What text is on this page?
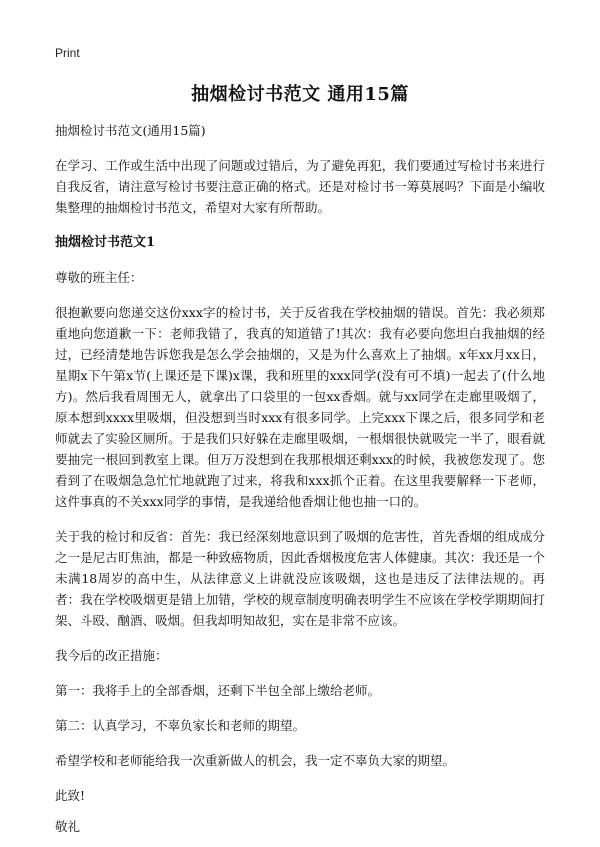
Print
抽烟检讨书范文 通用15篇

抽烟检讨书范文(通用15篇)

在学习、工作或生活中出现了问题或过错后，为了避免再犯，我们要通过写检讨书来进行自我反省，请注意写检讨书要注意正确的格式。还是对检讨书一筹莫展吗？下面是小编收集整理的抽烟检讨书范文，希望对大家有所帮助。

抽烟检讨书范文1

尊敬的班主任：

很抱歉要向您递交这份xxx字的检讨书，关于反省我在学校抽烟的错误。首先：我必须郑重地向您道歉一下：老师我错了，我真的知道错了!其次：我有必要向您坦白我抽烟的经过，已经清楚地告诉您我是怎么学会抽烟的，又是为什么喜欢上了抽烟。x年xx月xx日，星期x下午第x节(上课还是下课)x课，我和班里的xxx同学(没有可不填)一起去了(什么地方)。然后我看周围无人，就拿出了口袋里的一包xx香烟。就与xx同学在走廊里吸烟了，原本想到xxxx里吸烟，但没想到当时xxx有很多同学。上完xxx下课之后，很多同学和老师就去了实验区厕所。于是我们只好躲在走廊里吸烟，一根烟很快就吸完一半了，眼看就要抽完一根回到教室上课。但万万没想到在我那根烟还剩xxx的时候，我被您发现了。您看到了在吸烟急急忙忙地就跑了过来，将我和xxx抓个正着。在这里我要解释一下老师，这件事真的不关xxx同学的事情，是我递给他香烟让他也抽一口的。

关于我的检讨和反省：首先：我已经深刻地意识到了吸烟的危害性，首先香烟的组成成分之一是尼古盯焦油，都是一种致癌物质，因此香烟极度危害人体健康。其次：我还是一个未满18周岁的高中生，从法律意义上讲就没应该吸烟，这也是违反了法律法规的。再者：我在学校吸烟更是错上加错，学校的规章制度明确表明学生不应该在学校学期期间打架、斗殴、酗酒、吸烟。但我却明知故犯，实在是非常不应该。

我今后的改正措施：

第一：我将手上的全部香烟，还剩下半包全部上缴给老师。

第二：认真学习，不辜负家长和老师的期望。

希望学校和老师能给我一次重新做人的机会，我一定不辜负大家的期望。

此致!

敬礼
